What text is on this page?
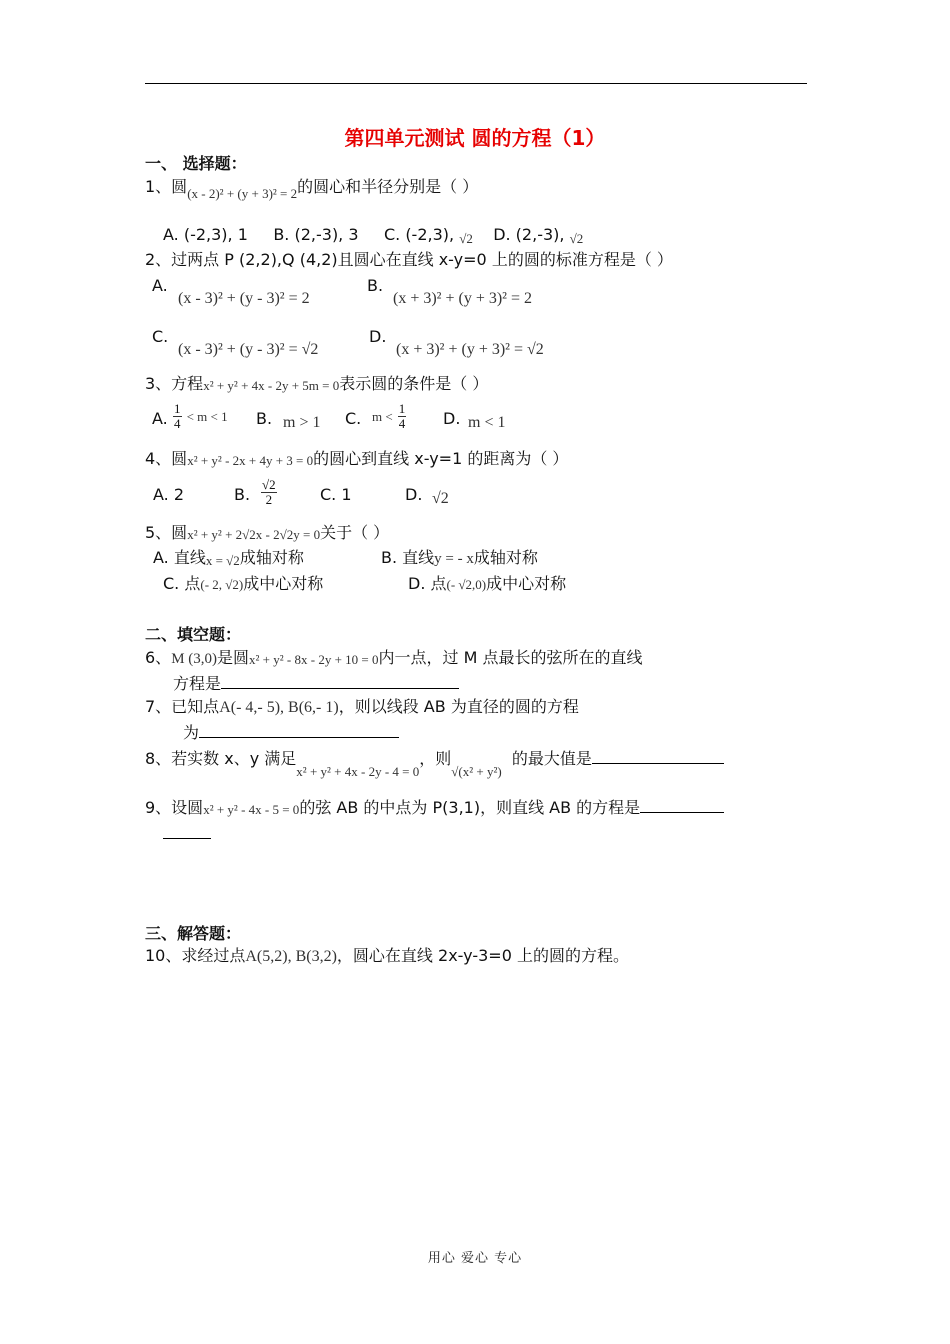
第四单元测试 圆的方程（1）
一、 选择题：
1、圆$_{(x - 2)^2 + (y + 3)^2 = 2}$的圆心和半径分别是（ ）
A. (-2,3), 1 B. (2,-3), 3 C. (-2,3), √2 D. (2,-3), √2
2、过两点 P (2,2),Q (4,2)且圆心在直线 x-y=0 上的圆的标准方程是（ ）
A.
(x - 3)² + (y - 3)² = 2
B.
(x + 3)² + (y + 3)² = 2
C.
(x - 3)² + (y - 3)² = √2
D.
(x + 3)² + (y + 3)² = √2
3、方程x² + y² + 4x - 2y + 5m = 0表示圆的条件是（ ）
A. $\frac{1}{4} < m < 1$ B. m > 1 C. $m < \frac{1}{4} D$. m < 1
4、圆x² + y² - 2x + 4y + 3 = 0的圆心到直线 x-y=1 的距离为（ ）
A. 2	B. $\frac{√2}{2}$	C. 1	D. √2
5、圆x² + y² + 2√2x - 2√2y = 0关于（ ）
A. 直线x = √2成轴对称	B. 直线y = - x成轴对称
C. 点(- 2, √2)成中心对称	D. 点(- √2,0)成中心对称
二、填空题：
6、M (3,0)是圆x² + y² - 8x - 2y + 10 = 0内一点，过 M 点最长的弦所在的直线
方程是
7、已知点A(- 4,- 5), B(6,- 1)，则以线段 AB 为直径的圆的方程
为
8、若实数 x、y 满足$_{x^2 + y^2 + 4x - 2y - 4 = 0}$，则$_{√(x^2 + y^2)}$  的最大值是
9、设圆x² + y² - 4x - 5 = 0的弦 AB 的中点为 P(3,1)，则直线 AB 的方程是
三、解答题：
10、求经过点A(5,2), B(3,2)，圆心在直线 2x-y-3=0 上的圆的方程。
用心 爱心 专心
